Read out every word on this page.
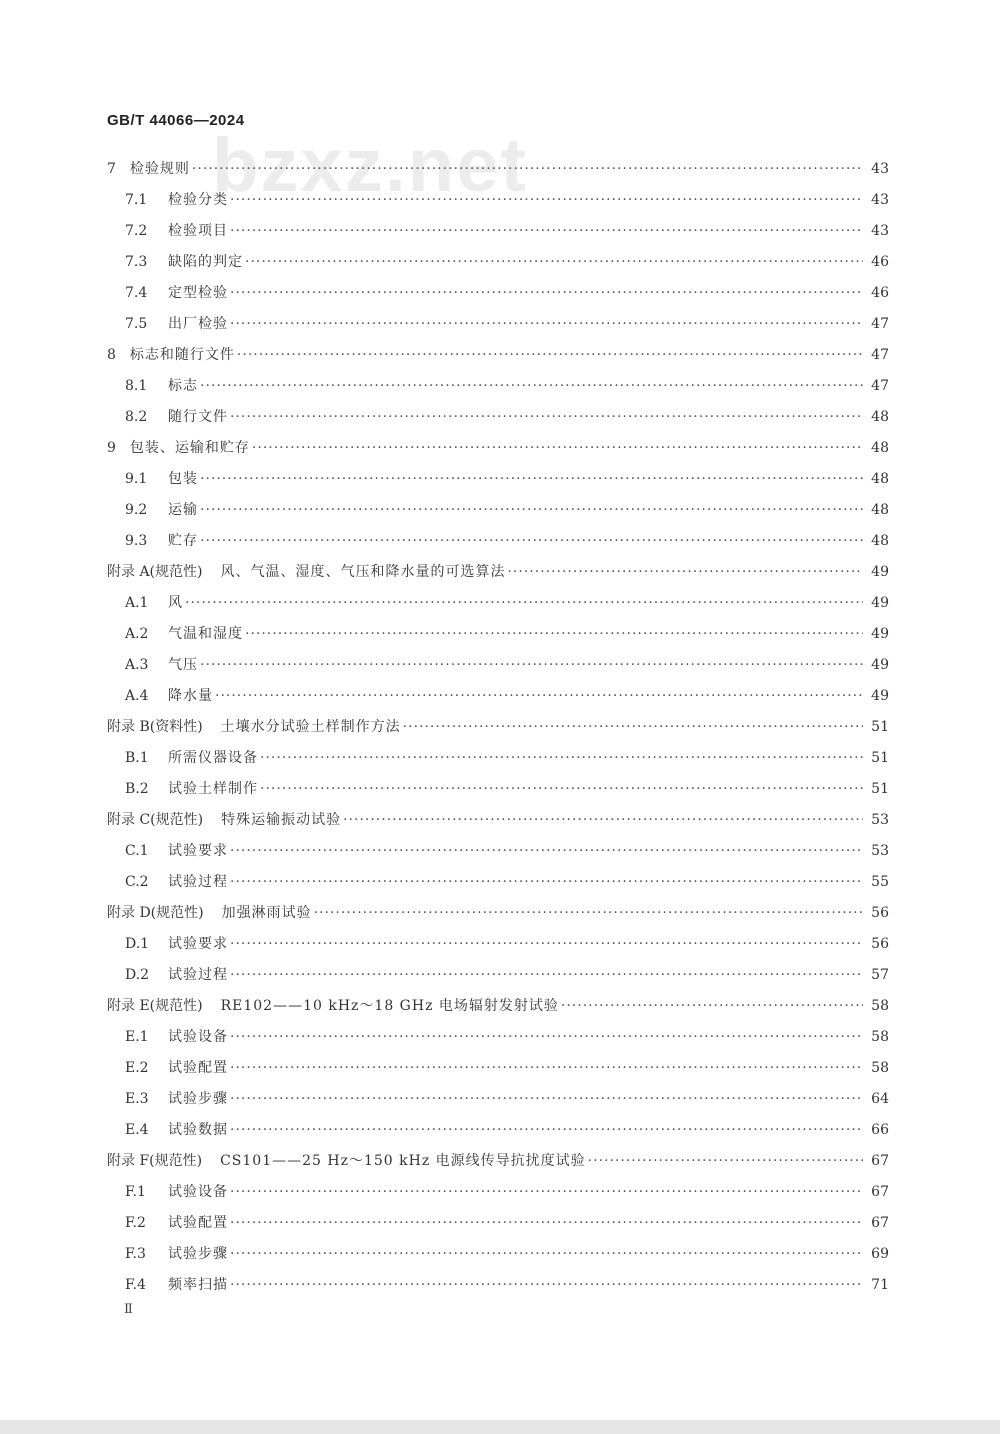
bzxz.net
GB/T 44066—2024
7 检验规则 ·····	43
7.1	检验分类 ·····	43
7.2	检验项目 ·····	43
7.3	缺陷的判定 ·····	46
7.4	定型检验 ·····	46
7.5	出厂检验 ·····	47
8 标志和随行文件 ·····	47
8.1	标志 ·····	47
8.2	随行文件 ·····	48
9 包装、运输和贮存 ·····	48
9.1	包装 ·····	48
9.2	运输 ·····	48
9.3	贮存 ·····	48
附录 A(规范性) 风、气温、湿度、气压和降水量的可选算法 ·····	49
A.1	风 ·····	49
A.2	气温和湿度 ·····	49
A.3	气压 ·····	49
A.4	降水量 ·····	49
附录 B(资料性) 土壤水分试验土样制作方法 ·····	51
B.1	所需仪器设备 ·····	51
B.2	试验土样制作 ·····	51
附录 C(规范性) 特殊运输振动试验 ·····	53
C.1	试验要求 ·····	53
C.2	试验过程 ·····	55
附录 D(规范性) 加强淋雨试验 ·····	56
D.1	试验要求 ·····	56
D.2	试验过程 ·····	57
附录 E(规范性) RE102——10 kHz～18 GHz 电场辐射发射试验 ·····	58
E.1	试验设备 ·····	58
E.2	试验配置 ·····	58
E.3	试验步骤 ·····	64
E.4	试验数据 ·····	66
附录 F(规范性) CS101——25 Hz～150 kHz 电源线传导抗扰度试验 ·····	67
F.1	试验设备 ·····	67
F.2	试验配置 ·····	67
F.3	试验步骤 ·····	69
F.4	频率扫描 ·····	71
Ⅱ
